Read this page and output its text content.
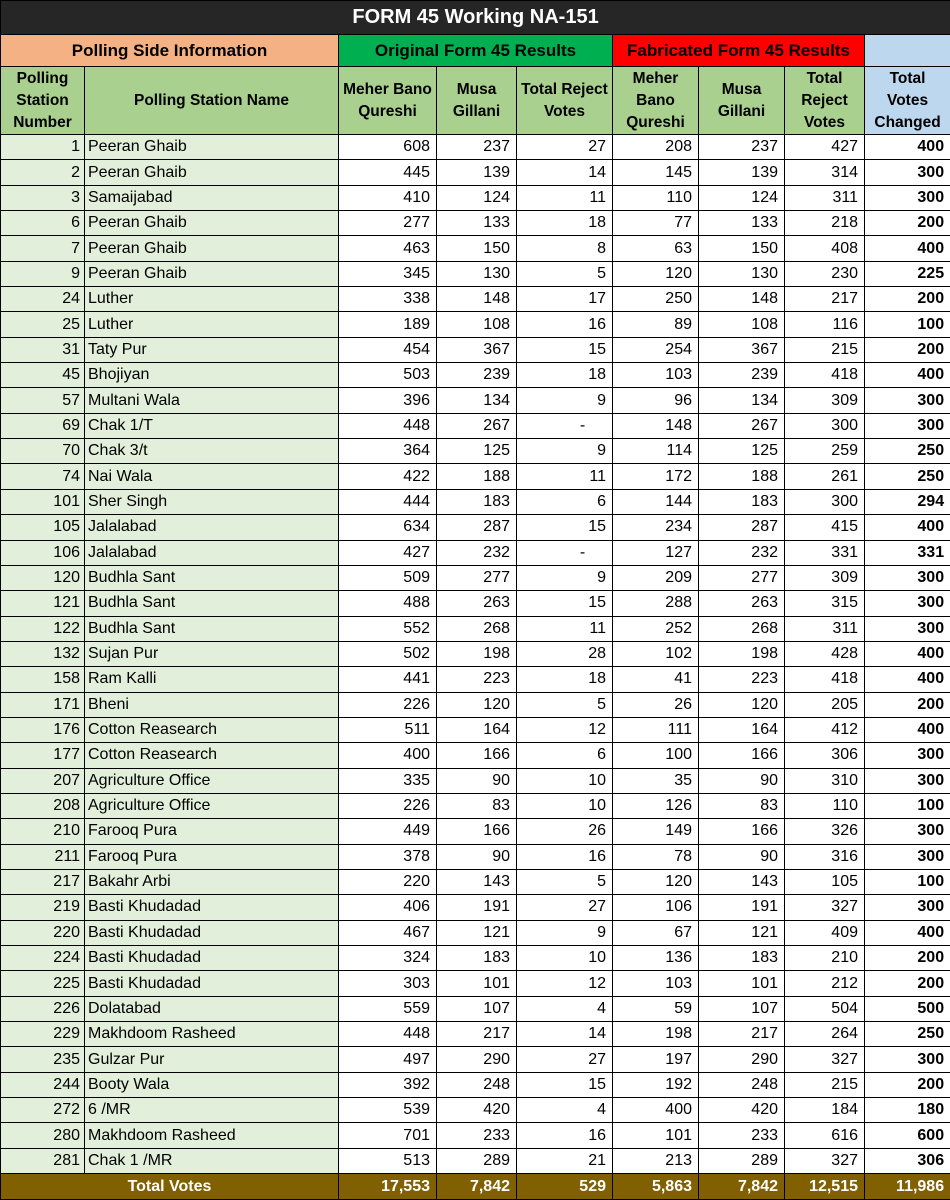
FORM 45 Working NA-151								
Polling Side Information		Original Form 45 Results			Fabricated Form 45 Results			
Polling Station Number	Polling Station Name	Meher Bano Qureshi	Musa Gillani	Total Reject Votes	Meher Bano Qureshi	Musa Gillani	Total Reject Votes	Total Votes Changed
1	Peeran Ghaib	608	237	27	208	237	427	400
2	Peeran Ghaib	445	139	14	145	139	314	300
3	Samaijabad	410	124	11	110	124	311	300
6	Peeran Ghaib	277	133	18	77	133	218	200
7	Peeran Ghaib	463	150	8	63	150	408	400
9	Peeran Ghaib	345	130	5	120	130	230	225
24	Luther	338	148	17	250	148	217	200
25	Luther	189	108	16	89	108	116	100
31	Taty Pur	454	367	15	254	367	215	200
45	Bhojiyan	503	239	18	103	239	418	400
57	Multani Wala	396	134	9	96	134	309	300
69	Chak 1/T	448	267	-	148	267	300	300
70	Chak 3/t	364	125	9	114	125	259	250
74	Nai Wala	422	188	11	172	188	261	250
101	Sher Singh	444	183	6	144	183	300	294
105	Jalalabad	634	287	15	234	287	415	400
106	Jalalabad	427	232	-	127	232	331	331
120	Budhla Sant	509	277	9	209	277	309	300
121	Budhla Sant	488	263	15	288	263	315	300
122	Budhla Sant	552	268	11	252	268	311	300
132	Sujan Pur	502	198	28	102	198	428	400
158	Ram Kalli	441	223	18	41	223	418	400
171	Bheni	226	120	5	26	120	205	200
176	Cotton Reasearch	511	164	12	111	164	412	400
177	Cotton Reasearch	400	166	6	100	166	306	300
207	Agriculture Office	335	90	10	35	90	310	300
208	Agriculture Office	226	83	10	126	83	110	100
210	Farooq Pura	449	166	26	149	166	326	300
211	Farooq Pura	378	90	16	78	90	316	300
217	Bakahr Arbi	220	143	5	120	143	105	100
219	Basti Khudadad	406	191	27	106	191	327	300
220	Basti Khudadad	467	121	9	67	121	409	400
224	Basti Khudadad	324	183	10	136	183	210	200
225	Basti Khudadad	303	101	12	103	101	212	200
226	Dolatabad	559	107	4	59	107	504	500
229	Makhdoom Rasheed	448	217	14	198	217	264	250
235	Gulzar Pur	497	290	27	197	290	327	300
244	Booty Wala	392	248	15	192	248	215	200
272	6 /MR	539	420	4	400	420	184	180
280	Makhdoom Rasheed	701	233	16	101	233	616	600
281	Chak 1 /MR	513	289	21	213	289	327	306
Total Votes		17,553	7,842	529	5,863	7,842	12,515	11,986
